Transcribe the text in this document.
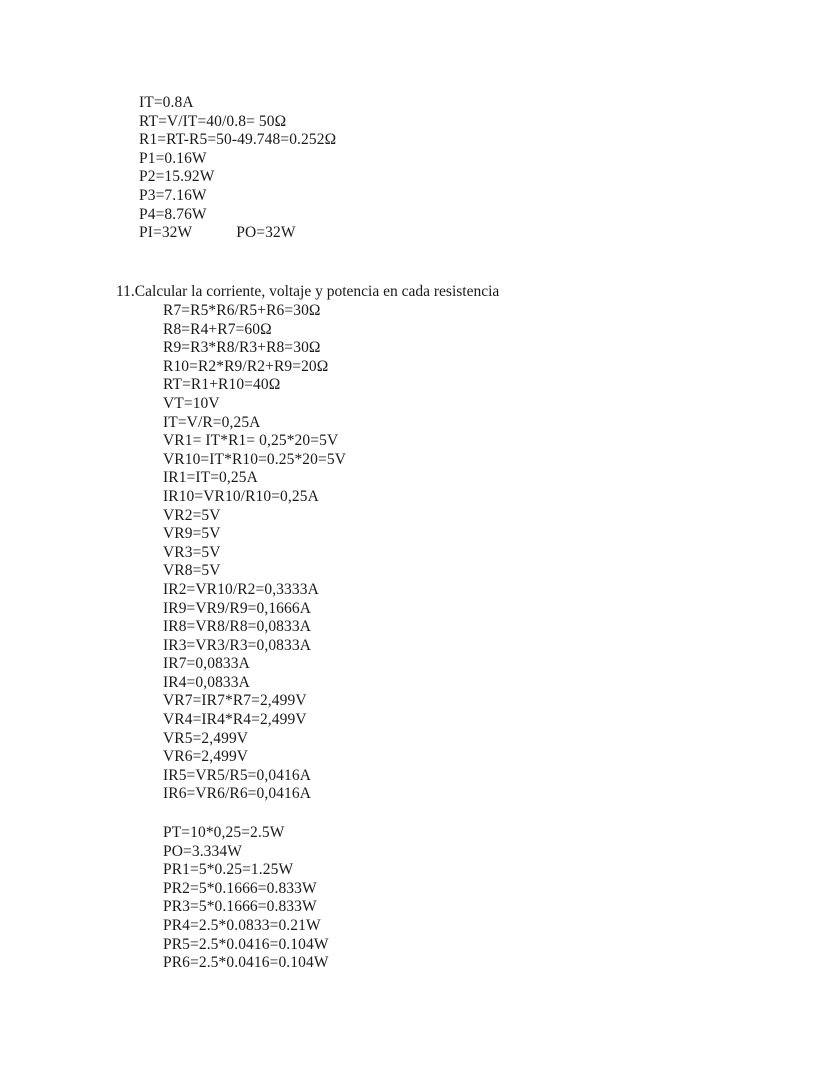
IT=0.8A
RT=V/IT=40/0.8= 50Ω
R1=RT-R5=50-49.748=0.252Ω
P1=0.16W
P2=15.92W
P3=7.16W
P4=8.76W
PI=32W	PO=32W
11.Calcular la corriente, voltaje y potencia en cada resistencia
R7=R5*R6/R5+R6=30Ω
R8=R4+R7=60Ω
R9=R3*R8/R3+R8=30Ω
R10=R2*R9/R2+R9=20Ω
RT=R1+R10=40Ω
VT=10V
IT=V/R=0,25A
VR1= IT*R1= 0,25*20=5V
VR10=IT*R10=0.25*20=5V
IR1=IT=0,25A
IR10=VR10/R10=0,25A
VR2=5V
VR9=5V
VR3=5V
VR8=5V
IR2=VR10/R2=0,3333A
IR9=VR9/R9=0,1666A
IR8=VR8/R8=0,0833A
IR3=VR3/R3=0,0833A
IR7=0,0833A
IR4=0,0833A
VR7=IR7*R7=2,499V
VR4=IR4*R4=2,499V
VR5=2,499V
VR6=2,499V
IR5=VR5/R5=0,0416A
IR6=VR6/R6=0,0416A
PT=10*0,25=2.5W
PO=3.334W
PR1=5*0.25=1.25W
PR2=5*0.1666=0.833W
PR3=5*0.1666=0.833W
PR4=2.5*0.0833=0.21W
PR5=2.5*0.0416=0.104W
PR6=2.5*0.0416=0.104W
